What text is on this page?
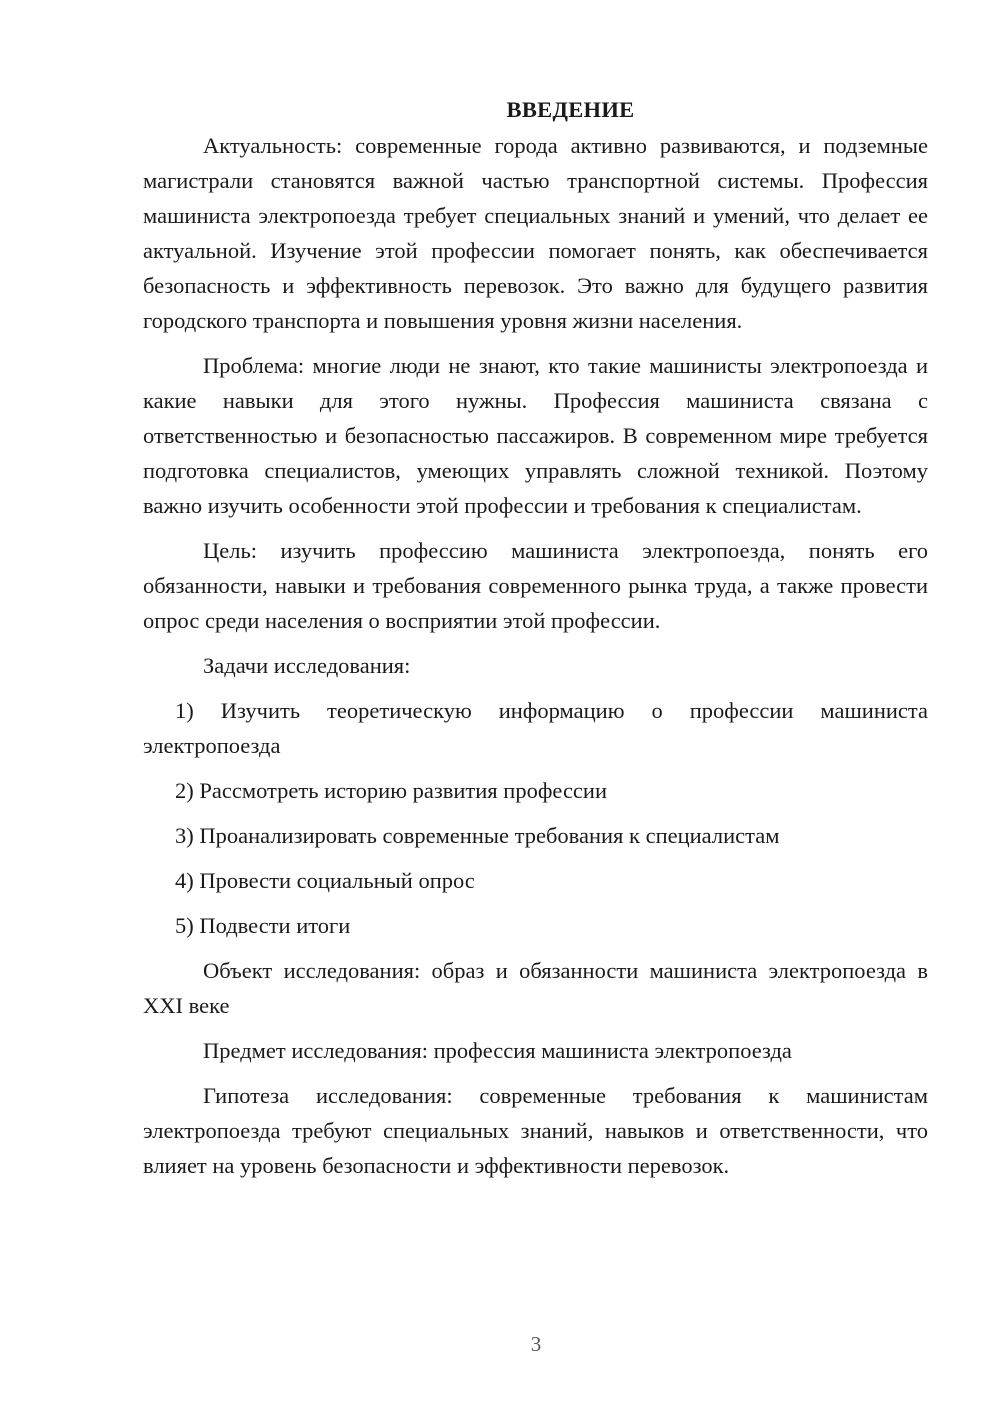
ВВЕДЕНИЕ

Актуальность: современные города активно развиваются, и подземные магистрали становятся важной частью транспортной системы. Профессия машиниста электропоезда требует специальных знаний и умений, что делает ее актуальной. Изучение этой профессии помогает понять, как обеспечивается безопасность и эффективность перевозок. Это важно для будущего развития городского транспорта и повышения уровня жизни населения.

Проблема: многие люди не знают, кто такие машинисты электропоезда и какие навыки для этого нужны. Профессия машиниста связана с ответственностью и безопасностью пассажиров. В современном мире требуется подготовка специалистов, умеющих управлять сложной техникой. Поэтому важно изучить особенности этой профессии и требования к специалистам.

Цель: изучить профессию машиниста электропоезда, понять его обязанности, навыки и требования современного рынка труда, а также провести опрос среди населения о восприятии этой профессии.

Задачи исследования:

1) Изучить теоретическую информацию о профессии машиниста электропоезда
2) Рассмотреть историю развития профессии
3) Проанализировать современные требования к специалистам
4) Провести социальный опрос
5) Подвести итоги

Объект исследования: образ и обязанности машиниста электропоезда в XXI веке

Предмет исследования: профессия машиниста электропоезда

Гипотеза исследования: современные требования к машинистам электропоезда требуют специальных знаний, навыков и ответственности, что влияет на уровень безопасности и эффективности перевозок.

3
